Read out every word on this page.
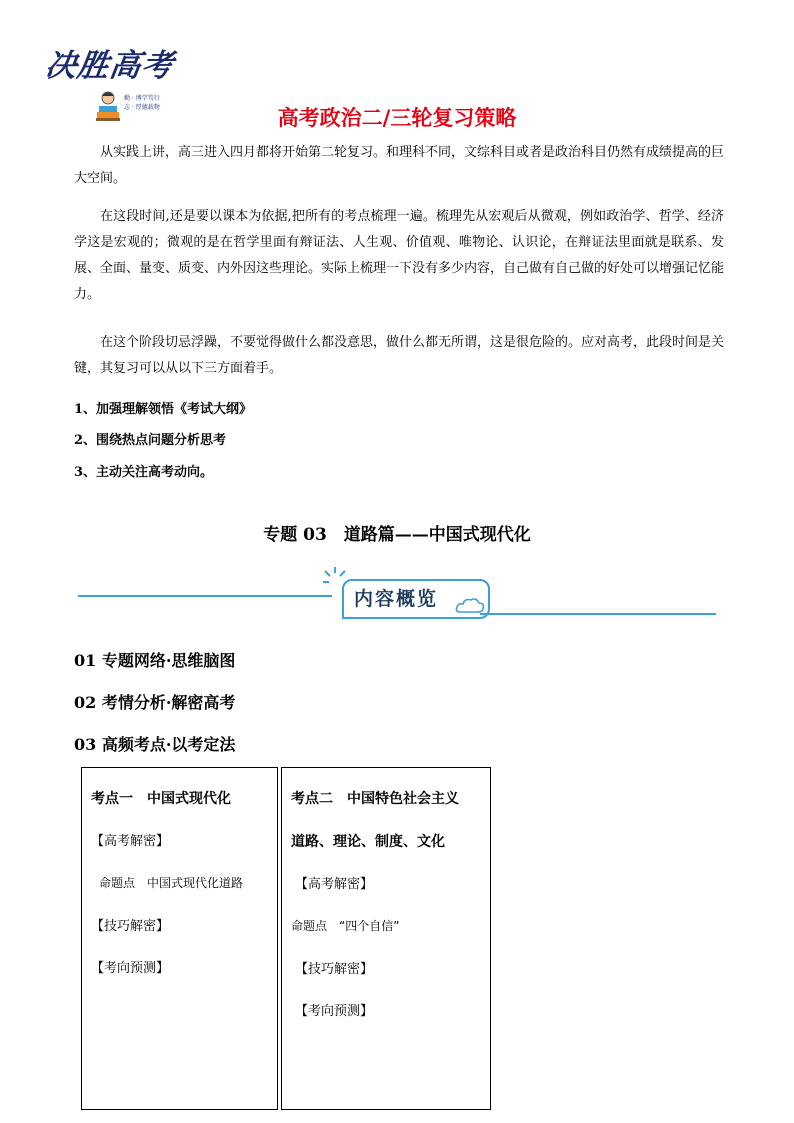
决胜高考
勤 · 博学笃行
志 · 厚德载物	高考政治二/三轮复习策略
从实践上讲，高三进入四月都将开始第二轮复习。和理科不同，文综科目或者是政治科目仍然有成绩提高的巨大空间。
在这段时间,还是要以课本为依据,把所有的考点梳理一遍。梳理先从宏观后从微观，例如政治学、哲学、经济学这是宏观的；微观的是在哲学里面有辩证法、人生观、价值观、唯物论、认识论，在辩证法里面就是联系、发展、全面、量变、质变、内外因这些理论。实际上梳理一下没有多少内容，自己做有自己做的好处可以增强记忆能力。
在这个阶段切忌浮躁，不要觉得做什么都没意思，做什么都无所谓，这是很危险的。应对高考，此段时间是关键，其复习可以从以下三方面着手。
1、加强理解领悟《考试大纲》
2、围绕热点问题分析思考
3、主动关注高考动向。
专题 03　道路篇——中国式现代化
内容概览
01 专题网络·思维脑图
02 考情分析·解密高考
03 高频考点·以考定法
考点一　中国式现代化
【高考解密】
命题点　中国式现代化道路
【技巧解密】
【考向预测】
考点二　中国特色社会主义
道路、理论、制度、文化
【高考解密】
命题点　“四个自信”
【技巧解密】
【考向预测】
